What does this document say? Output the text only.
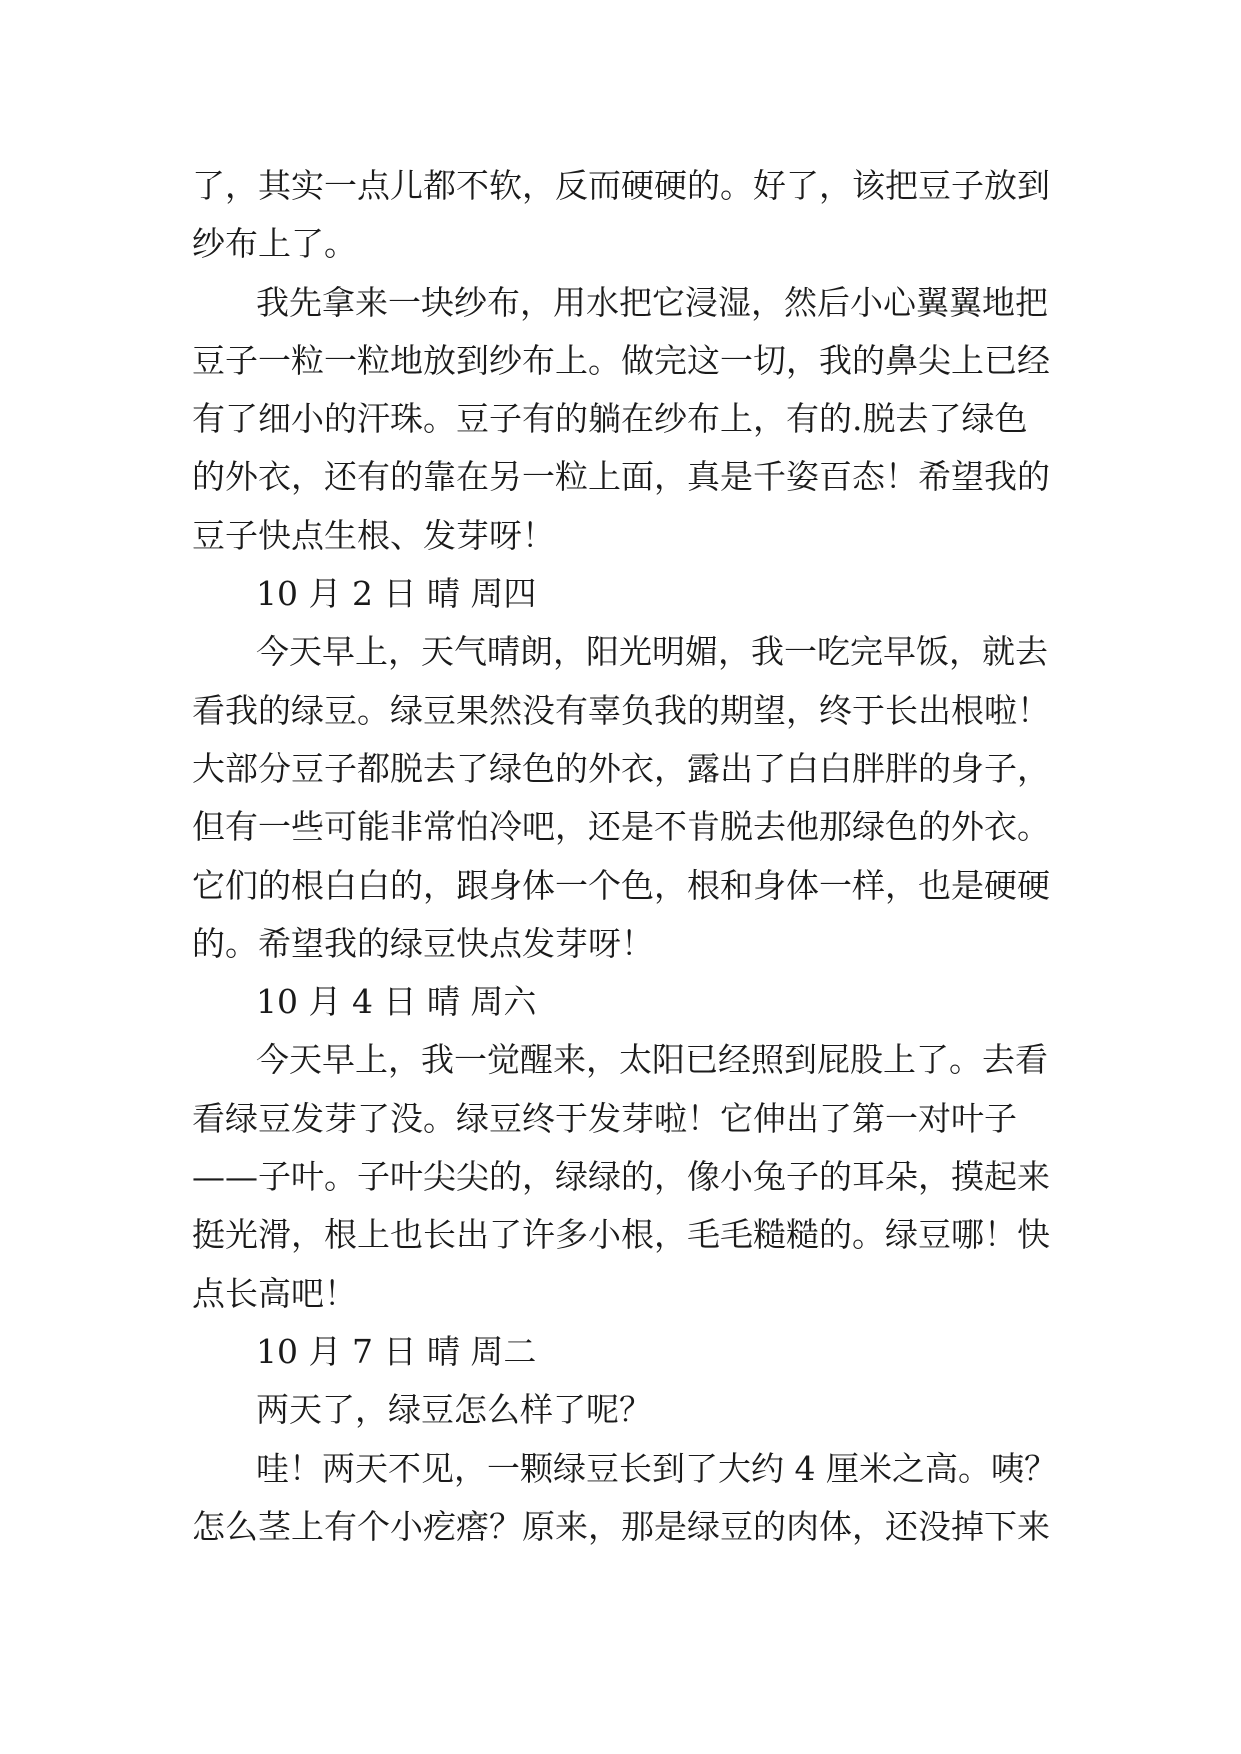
了，其实一点儿都不软，反而硬硬的。好了，该把豆子放到
纱布上了。
我先拿来一块纱布，用水把它浸湿，然后小心翼翼地把
豆子一粒一粒地放到纱布上。做完这一切，我的鼻尖上已经
有了细小的汗珠。豆子有的躺在纱布上，有的.脱去了绿色
的外衣，还有的靠在另一粒上面，真是千姿百态！希望我的
豆子快点生根、发芽呀！
10 月 2 日 晴 周四
今天早上，天气晴朗，阳光明媚，我一吃完早饭，就去
看我的绿豆。绿豆果然没有辜负我的期望，终于长出根啦！
大部分豆子都脱去了绿色的外衣，露出了白白胖胖的身子，
但有一些可能非常怕冷吧，还是不肯脱去他那绿色的外衣。
它们的根白白的，跟身体一个色，根和身体一样，也是硬硬
的。希望我的绿豆快点发芽呀！
10 月 4 日 晴 周六
今天早上，我一觉醒来，太阳已经照到屁股上了。去看
看绿豆发芽了没。绿豆终于发芽啦！它伸出了第一对叶子
——子叶。子叶尖尖的，绿绿的，像小兔子的耳朵，摸起来
挺光滑，根上也长出了许多小根，毛毛糙糙的。绿豆哪！快
点长高吧！
10 月 7 日 晴 周二
两天了，绿豆怎么样了呢？
哇！两天不见，一颗绿豆长到了大约 4 厘米之高。咦？
怎么茎上有个小疙瘩？原来，那是绿豆的肉体，还没掉下来
